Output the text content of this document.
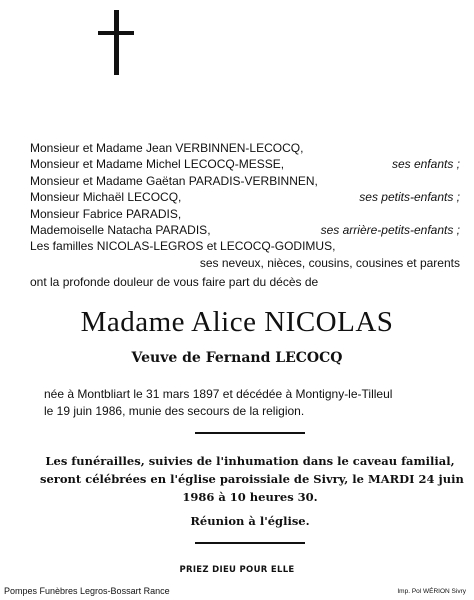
Monsieur et Madame Jean VERBINNEN-LECOCQ,
Monsieur et Madame Michel LECOCQ-MESSE,	ses enfants ;
Monsieur et Madame Gaëtan PARADIS-VERBINNEN,
Monsieur Michaël LECOCQ,	ses petits-enfants ;
Monsieur Fabrice PARADIS,
Mademoiselle Natacha PARADIS,	ses arrière-petits-enfants ;
Les familles NICOLAS-LEGROS et LECOCQ-GODIMUS,
ses neveux, nièces, cousins, cousines et parents
ont la profonde douleur de vous faire part du décès de
Madame Alice NICOLAS
Veuve de Fernand LECOCQ
née à Montbliart le 31 mars 1897 et décédée à Montigny-le-Tilleul
le 19 juin 1986, munie des secours de la religion.
Les funérailles, suivies de l'inhumation dans le caveau familial,
seront célébrées en l'église paroissiale de Sivry, le MARDI 24 juin
1986 à 10 heures 30.
Réunion à l'église.
PRIEZ DIEU POUR ELLE
Pompes Funèbres Legros-Bossart Rance	Imp. Pol WÉRION Sivry
